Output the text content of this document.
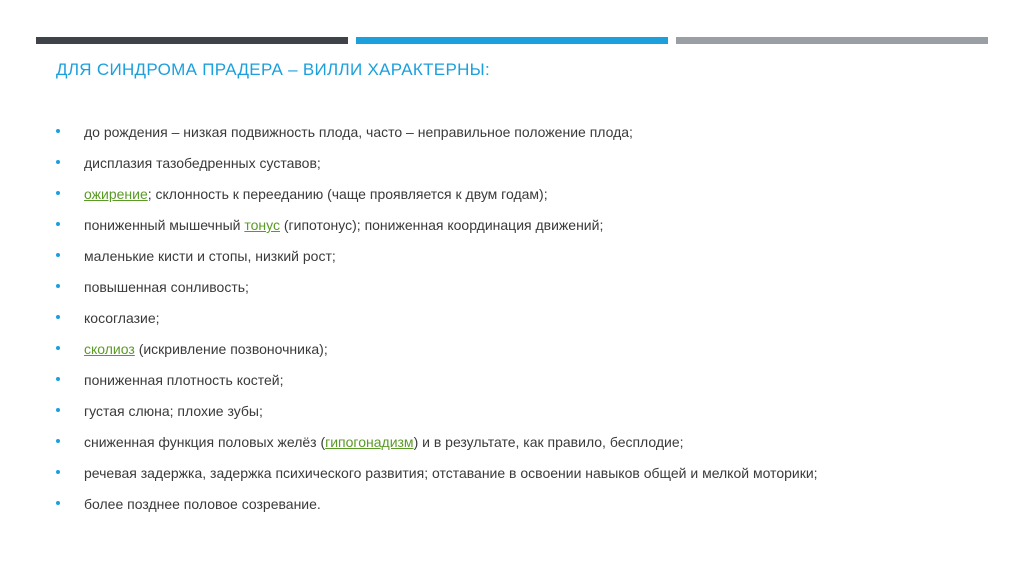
ДЛЯ СИНДРОМА ПРАДЕРА – ВИЛЛИ ХАРАКТЕРНЫ:
до рождения – низкая подвижность плода, часто – неправильное положение плода;
дисплазия тазобедренных суставов;
ожирение; склонность к перееданию (чаще проявляется к двум годам);
пониженный мышечный тонус (гипотонус); пониженная координация движений;
маленькие кисти и стопы, низкий рост;
повышенная сонливость;
косоглазие;
сколиоз (искривление позвоночника);
пониженная плотность костей;
густая слюна; плохие зубы;
сниженная функция половых желёз (гипогонадизм) и в результате, как правило, бесплодие;
речевая задержка, задержка психического развития; отставание в освоении навыков общей и мелкой моторики;
более позднее половое созревание.
